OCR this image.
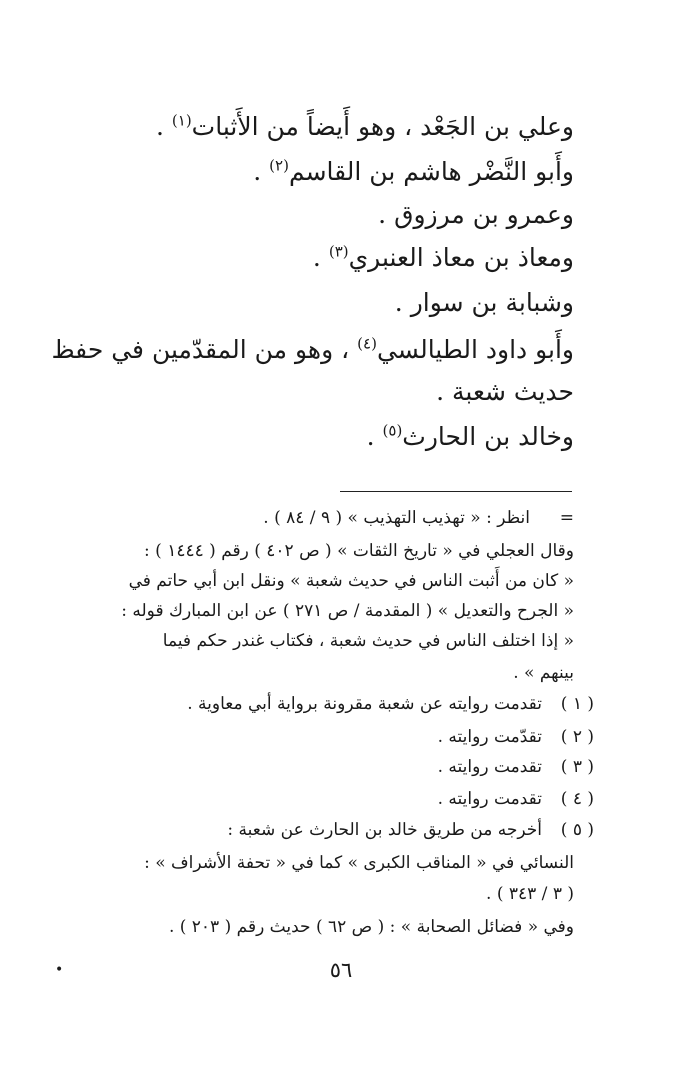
وعلي بن الجَعْد ، وهو أَيضاً من الأَثبات$^{(١)}$ .
وأَبو النَّضْر هاشم بن القاسم$^{(٢)}$ .
وعمرو بن مرزوق .
ومعاذ بن معاذ العنبري$^{(٣)}$ .
وشبابة بن سوار .
وأَبو داود الطيالسي$^{(٤)}$ ، وهو من المقدّمين في حفظ
حديث شعبة .
وخالد بن الحارث$^{(٥)}$ .
=
انظر : « تهذيب التهذيب » ( ٩ / ٨٤ ) .
وقال العجلي في « تاريخ الثقات » ( ص ٤٠٢ ) رقم ( ١٤٤٤ ) :
« كان من أَثبت الناس في حديث شعبة » ونقل ابن أبي حاتم في
« الجرح والتعديل » ( المقدمة / ص ٢٧١ ) عن ابن المبارك قوله :
« إذا اختلف الناس في حديث شعبة ، فكتاب غندر حكم فيما
بينهم » .
( ١ )
تقدمت روايته عن شعبة مقرونة برواية أبي معاوية .
( ٢ )
تقدّمت روايته .
( ٣ )
تقدمت روايته .
( ٤ )
تقدمت روايته .
( ٥ )
أخرجه من طريق خالد بن الحارث عن شعبة :
النسائي في « المناقب الكبرى » كما في « تحفة الأشراف » :
( ٣ / ٣٤٣ ) .
وفي « فضائل الصحابة » : ( ص ٦٢ ) حديث رقم ( ٢٠٣ ) .
٥٦
•
